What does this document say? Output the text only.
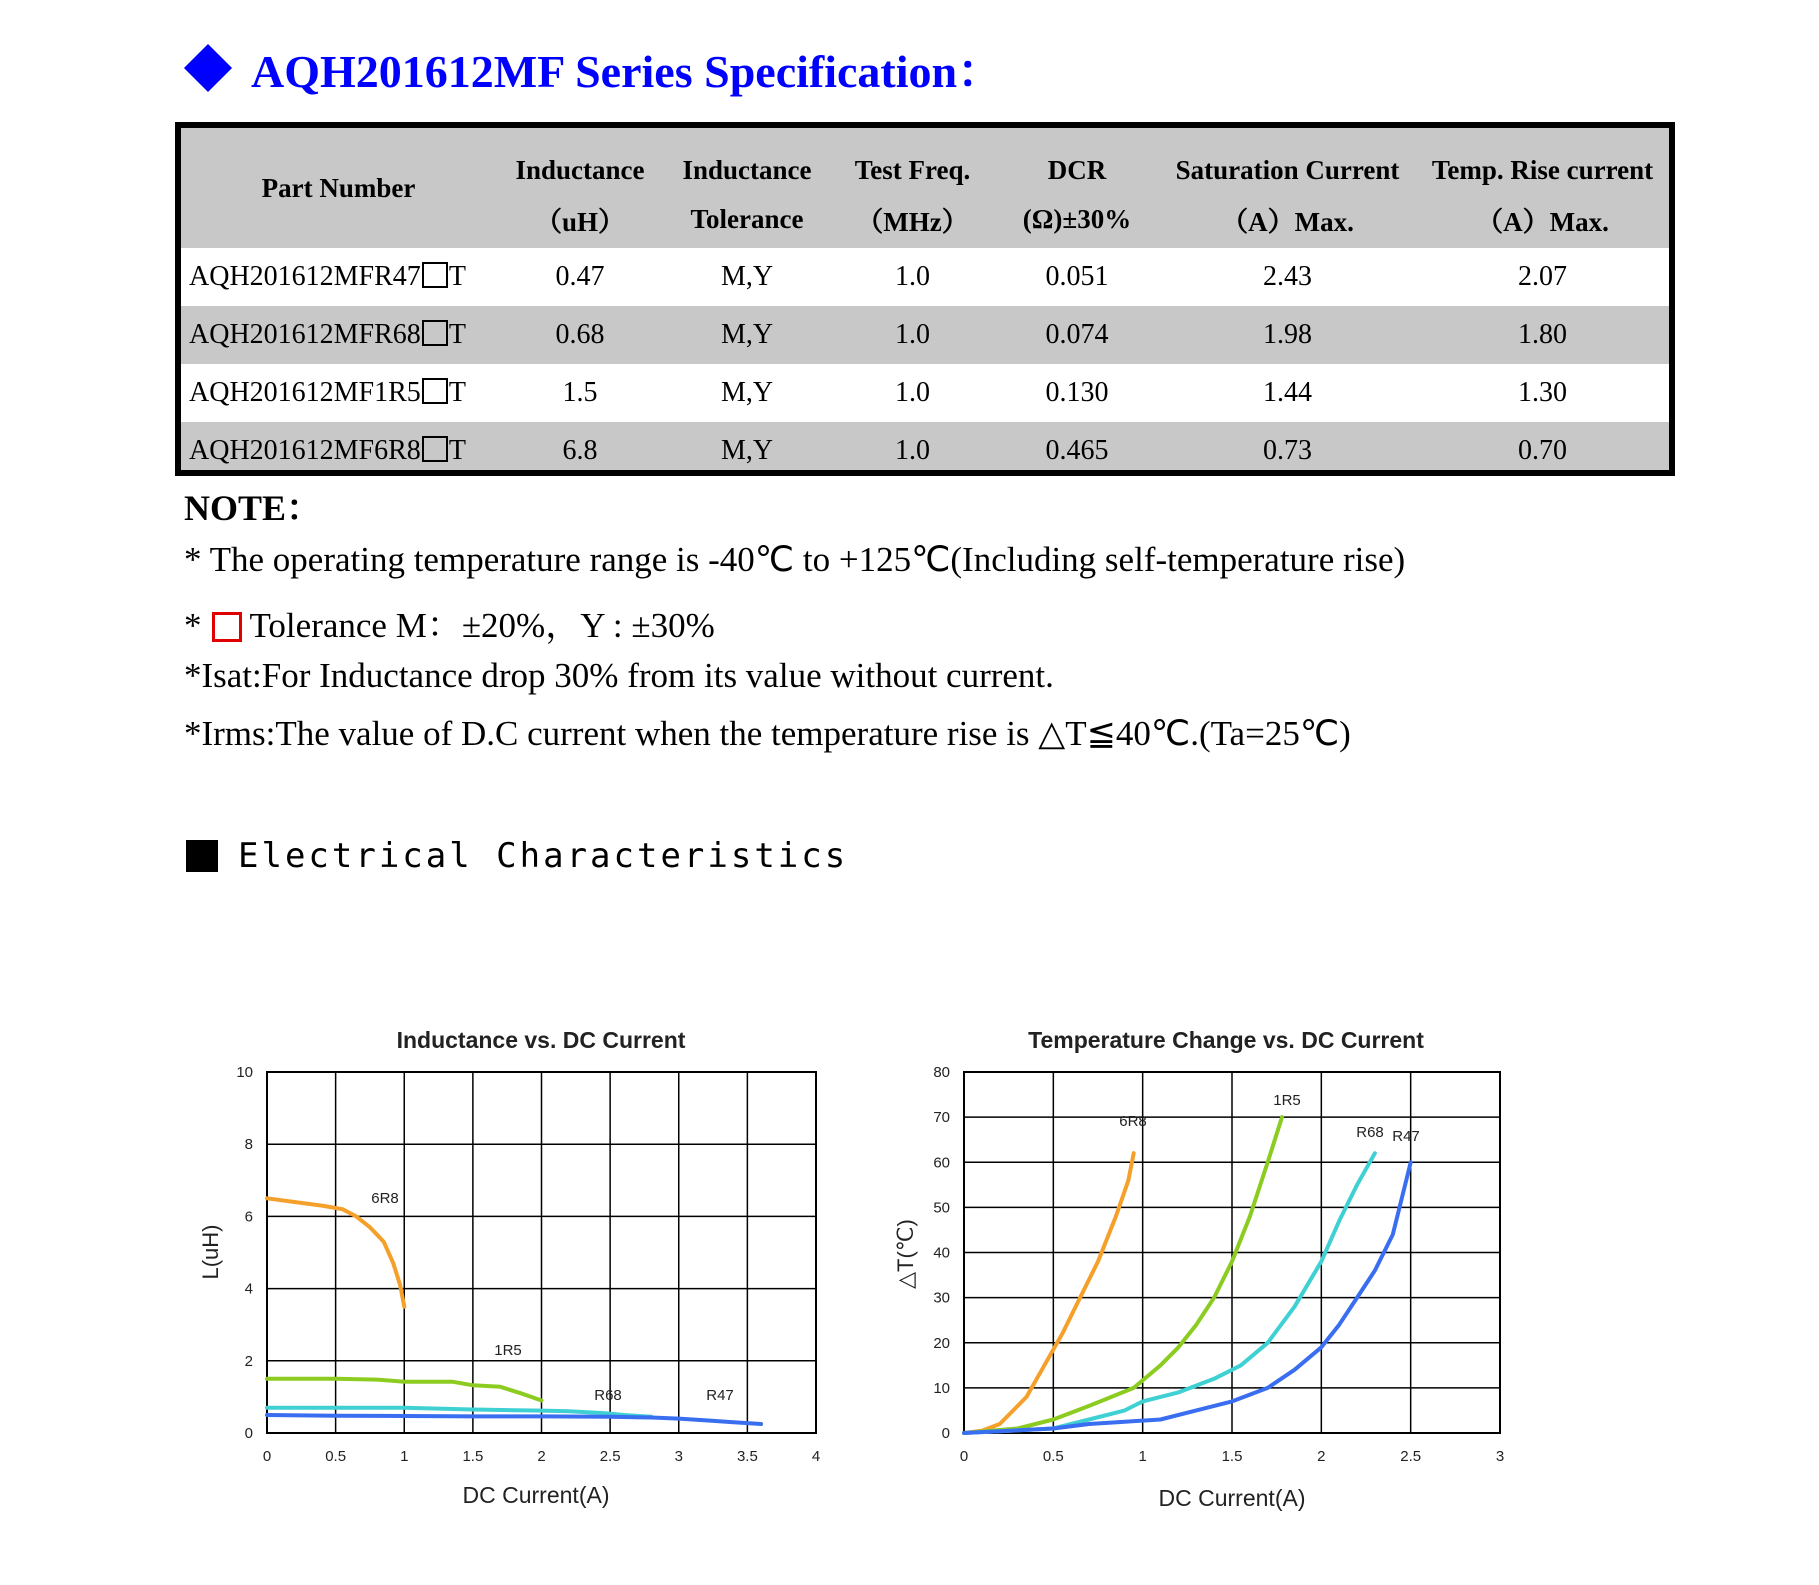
AQH201612MF Series Specification：
Part Number	Inductance	Inductance	Test Freq.	DCR	Saturation Current	Temp. Rise current
	（uH）	Tolerance	（MHz）	(Ω)±30%	（A）Max.	（A）Max.
AQH201612MFR47 T	0.47	M,Y	1.0	0.051	2.43	2.07
AQH201612MFR68 T	0.68	M,Y	1.0	0.074	1.98	1.80
AQH201612MF1R5 T	1.5	M,Y	1.0	0.130	1.44	1.30
AQH201612MF6R8 T	6.8	M,Y	1.0	0.465	0.73	0.70
NOTE：
* The operating temperature range is -40℃ to +125℃(Including self-temperature rise)
* Tolerance M：±20%，Y : ±30%
*Isat:For Inductance drop 30% from its value without current.
*Irms:The value of D.C current when the temperature rise is △T≦40℃.(Ta=25℃)
Electrical Characteristics
Inductance vs. DC Current
0	0.5	1	1.5	2	2.5	3	3.5	4
0
2
4
6
8
10
DC Current(A)
L(uH)
6R8
1R5
R68	R47
Temperature Change vs. DC Current
0	0.5	1	1.5	2	2.5	3
0
10
20
30
40
50
60
70
80
DC Current(A)
△T(℃)
6R8
1R5
R68 R47
